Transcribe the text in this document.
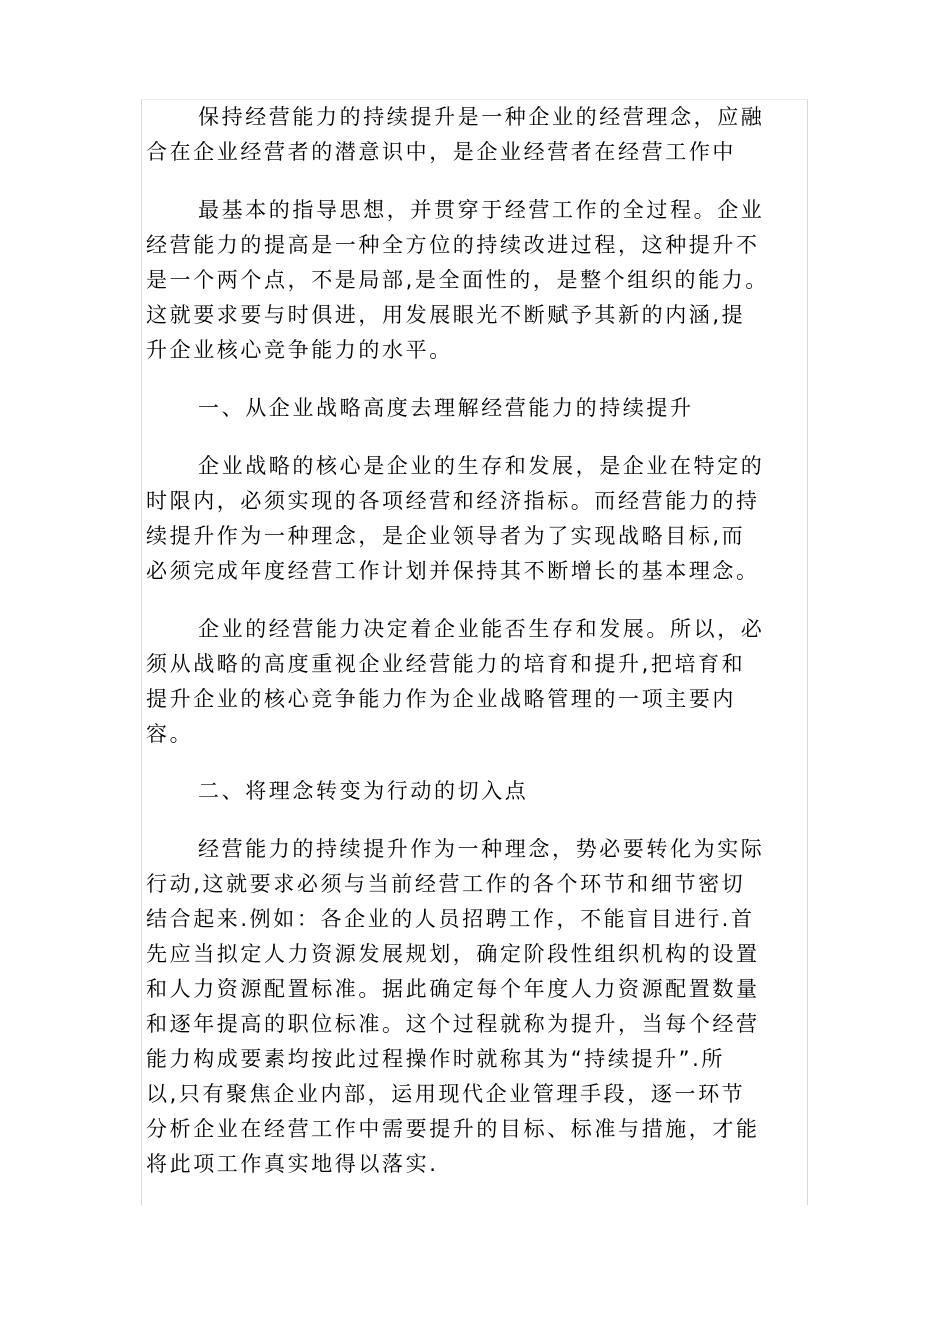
保持经营能力的持续提升是一种企业的经营理念，应融
合在企业经营者的潜意识中，是企业经营者在经营工作中

最基本的指导思想，并贯穿于经营工作的全过程。企业
经营能力的提高是一种全方位的持续改进过程，这种提升不
是一个两个点，不是局部,是全面性的，是整个组织的能力。
这就要求要与时俱进，用发展眼光不断赋予其新的内涵,提
升企业核心竞争能力的水平。

一、从企业战略高度去理解经营能力的持续提升

企业战略的核心是企业的生存和发展，是企业在特定的
时限内，必须实现的各项经营和经济指标。而经营能力的持
续提升作为一种理念，是企业领导者为了实现战略目标,而
必须完成年度经营工作计划并保持其不断增长的基本理念。

企业的经营能力决定着企业能否生存和发展。所以，必
须从战略的高度重视企业经营能力的培育和提升,把培育和
提升企业的核心竞争能力作为企业战略管理的一项主要内
容。

二、将理念转变为行动的切入点

经营能力的持续提升作为一种理念，势必要转化为实际
行动,这就要求必须与当前经营工作的各个环节和细节密切
结合起来.例如：各企业的人员招聘工作，不能盲目进行.首
先应当拟定人力资源发展规划，确定阶段性组织机构的设置
和人力资源配置标准。据此确定每个年度人力资源配置数量
和逐年提高的职位标准。这个过程就称为提升，当每个经营
能力构成要素均按此过程操作时就称其为“持续提升”.所
以,只有聚焦企业内部，运用现代企业管理手段，逐一环节
分析企业在经营工作中需要提升的目标、标准与措施，才能
将此项工作真实地得以落实.
